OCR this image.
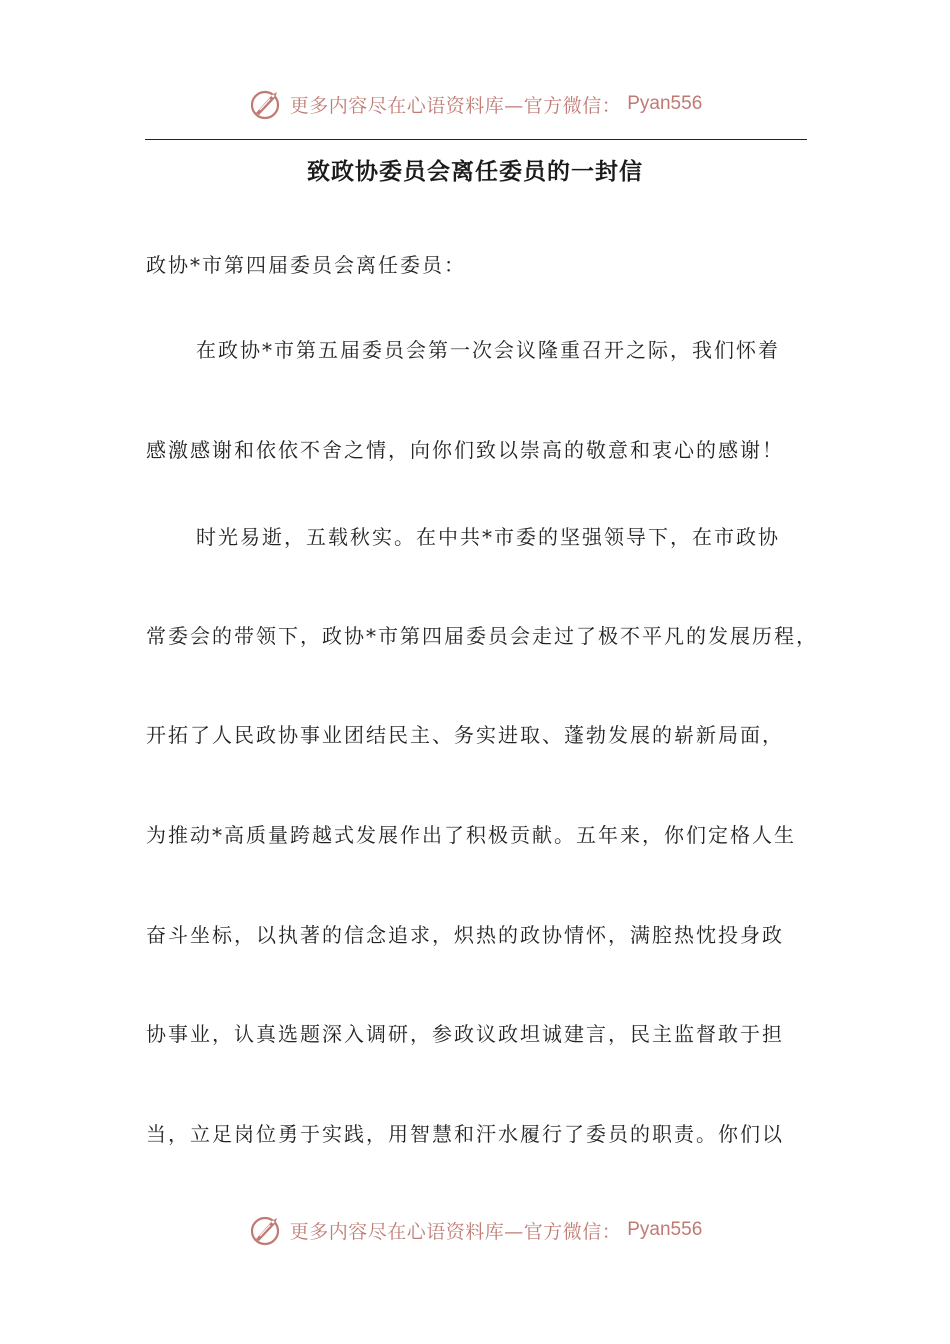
更多内容尽在心语资料库—官方微信： Pyan556
致政协委员会离任委员的一封信
政协*市第四届委员会离任委员：
在政协*市第五届委员会第一次会议隆重召开之际，我们怀着
感激感谢和依依不舍之情，向你们致以崇高的敬意和衷心的感谢！
时光易逝，五载秋实。在中共*市委的坚强领导下，在市政协
常委会的带领下，政协*市第四届委员会走过了极不平凡的发展历程，
开拓了人民政协事业团结民主、务实进取、蓬勃发展的崭新局面，
为推动*高质量跨越式发展作出了积极贡献。五年来，你们定格人生
奋斗坐标，以执著的信念追求，炽热的政协情怀，满腔热忱投身政
协事业，认真选题深入调研，参政议政坦诚建言，民主监督敢于担
当，立足岗位勇于实践，用智慧和汗水履行了委员的职责。你们以
更多内容尽在心语资料库—官方微信： Pyan556
